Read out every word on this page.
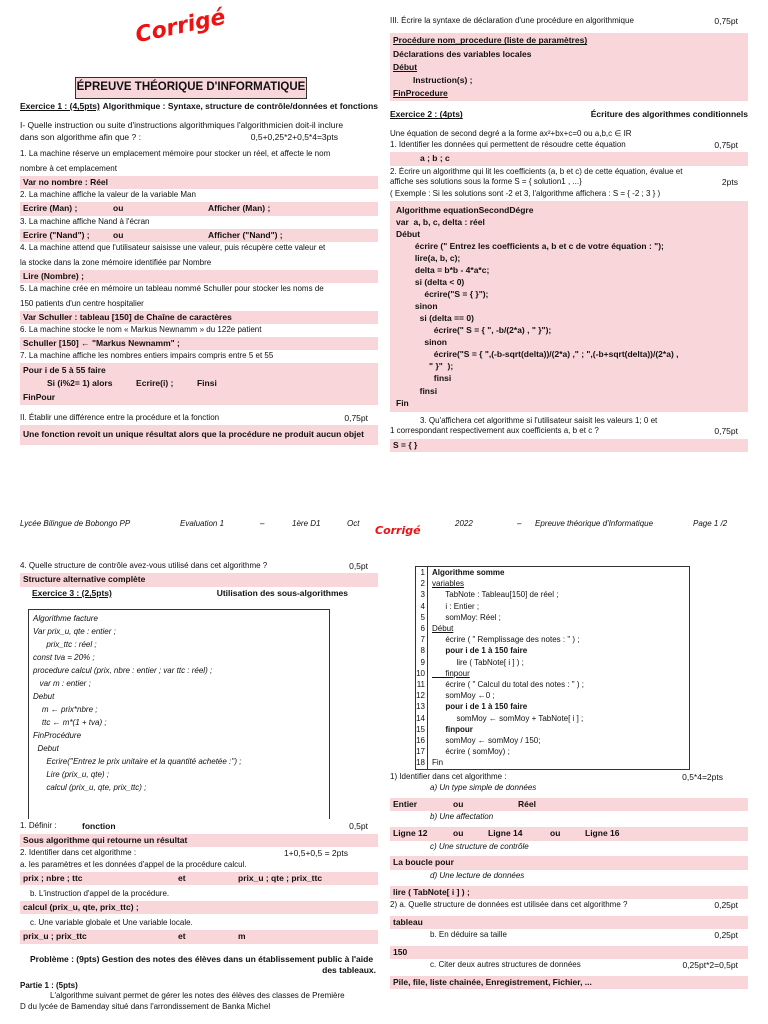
Corrigé
ÉPREUVE THÉORIQUE D'INFORMATIQUE
Exercice 1 : (4,5pts) Algorithmique : Syntaxe, structure de contrôle/données et fonctions
I- Quelle instruction ou suite d'instructions algorithmiques l'algorithmicien doit-il inclure
dans son algorithme afin que ? :	0,5+0,25*2+0,5*4=3pts
1. La machine réserve un emplacement mémoire pour stocker un réel, et affecte le nom
nombre à cet emplacement
Var no nombre : Réel
2. La machine affiche la valeur de la variable Man
Ecrire (Man) ;	ou	Afficher (Man) ;
3. La machine affiche Nand à l'écran
Ecrire ("Nand") ;	ou	Afficher ("Nand") ;
4. La machine attend que l'utilisateur saisisse une valeur, puis récupère cette valeur et
la stocke dans la zone mémoire identifiée par Nombre
Lire (Nombre) ;
5. La machine crée en mémoire un tableau nommé Schuller pour stocker les noms de
150 patients d'un centre hospitalier
Var Schuller : tableau [150] de Chaîne de caractères
6. La machine stocke le nom « Markus Newnamm » du 122e patient
Schuller [150] ← "Markus Newnamm" ;
7. La machine affiche les nombres entiers impairs compris entre 5 et 55
Pour i de 5 à 55 faire
Si (i%2= 1) alors          Ecrire(i) ;          Finsi
FinPour
II. Établir une différence entre la procédure et la fonction	0,75pt
Une fonction revoit un unique résultat alors que la procédure ne produit aucun objet
III. Écrire la syntaxe de déclaration d'une procédure en algorithmique	0,75pt
Procédure nom_procedure (liste de paramètres)
Déclarations des variables locales
Début
Instruction(s) ;
FinProcedure
Exercice 2 : (4pts)	Écriture des algorithmes conditionnels
Une équation de second degré a la forme ax²+bx+c=0 ou a,b,c ∈ IR
1. Identifier les données qui permettent de résoudre cette équation	0,75pt
a ; b ; c
2. Écrire un algorithme qui lit les coefficients (a, b et c) de cette équation, évalue et
affiche ses solutions sous la forme S = { solution1 , ...}	2pts
( Exemple : Si les solutions sont -2 et 3, l'algorithme affichera : S = { -2 ; 3 } )
Algorithme equationSecondDégre
var  a, b, c, delta : réel
Début
écrire (" Entrez les coefficients a, b et c de votre équation : ");
lire(a, b, c);
delta = b*b - 4*a*c;
si (delta < 0)
écrire("S = { }");
sinon
si (delta == 0)
écrire(" S = { ", -b/(2*a) , " }");
sinon
écrire("S = { ",(-b-sqrt(delta))/(2*a) ," ; ",(-b+sqrt(delta))/(2*a) ,
" }"  );
finsi
finsi
Fin
3. Qu'affichera cet algorithme si l'utilisateur saisit les valeurs 1; 0 et
1 correspondant respectivement aux coefficients a, b et c ?	0,75pt
S = { }
Lycée Bilingue de Bobongo PP	Evaluation 1	–	1ère D1	Oct	2022	–	Epreuve théorique d'Informatique	Page 1 /2
Corrigé
4. Quelle structure de contrôle avez-vous utilisé dans cet algorithme ?	0,5pt
Structure alternative complète
Exercice 3 : (2,5pts)	Utilisation des sous-algorithmes
Algorithme facture
Var prix_u, qte : entier ;
prix_ttc : réel ;
const tva = 20% ;
procedure calcul (prix, nbre : entier ; var ttc : réel) ;
var m : entier ;
Debut
m ← prix*nbre ;
ttc ← m*(1 + tva) ;
FinProcédure
Debut
Ecrire(''Entrez le prix unitaire et la quantité achetée :'') ;
Lire (prix_u, qte) ;
calcul (prix_u, qte, prix_ttc) ;
1. Définir :	fonction	0,5pt
Sous algorithme qui retourne un résultat
2. Identifier dans cet algorithme :	1+0,5+0,5 = 2pts
a. les paramètres et les données d'appel de la procédure calcul.
prix ; nbre ; ttc	et	prix_u ; qte ; prix_ttc
b. L'instruction d'appel de la procédure.
calcul (prix_u, qte, prix_ttc) ;
c. Une variable globale et Une variable locale.
prix_u ; prix_ttc	et	m
Problème : (9pts) Gestion des notes des élèves dans un établissement public à l'aide
des tableaux.
Partie 1 : (5pts)
L'algorithme suivant permet de gérer les notes des élèves des classes de Première
D du lycée de Bamenday situé dans l'arrondissement de Banka Michel
1 Algorithme somme
2 variables
3 TabNote : Tableau[150] de réel ;
4 i : Entier ;
5 somMoy: Réel ;
6 Début
7 écrire ( " Remplissage des notes : " ) ;
8 pour i de 1 à 150 faire
9 lire ( TabNote[ i ] ) ;
10 finpour
11 écrire ( " Calcul du total des notes : " ) ;
12 somMoy ←0 ;
13 pour i de 1 à 150 faire
14 somMoy ← somMoy + TabNote[ i ] ;
15 finpour
16 somMoy ← somMoy / 150;
17 écrire ( somMoy) ;
18 Fin
1) Identifier dans cet algorithme :	0,5*4=2pts
a) Un type simple de données
Entier	ou	Réel
b) Une affectation
Ligne 12	ou	Ligne 14	ou	Ligne 16
c) Une structure de contrôle
La boucle pour
d) Une lecture de données
lire ( TabNote[ i ] ) ;
2) a. Quelle structure de données est utilisée dans cet algorithme ?	0,25pt
tableau
b. En déduire sa taille	0,25pt
150
c. Citer deux autres structures de données	0,25pt*2=0,5pt
Pile, file, liste chainée, Enregistrement, Fichier, ...
